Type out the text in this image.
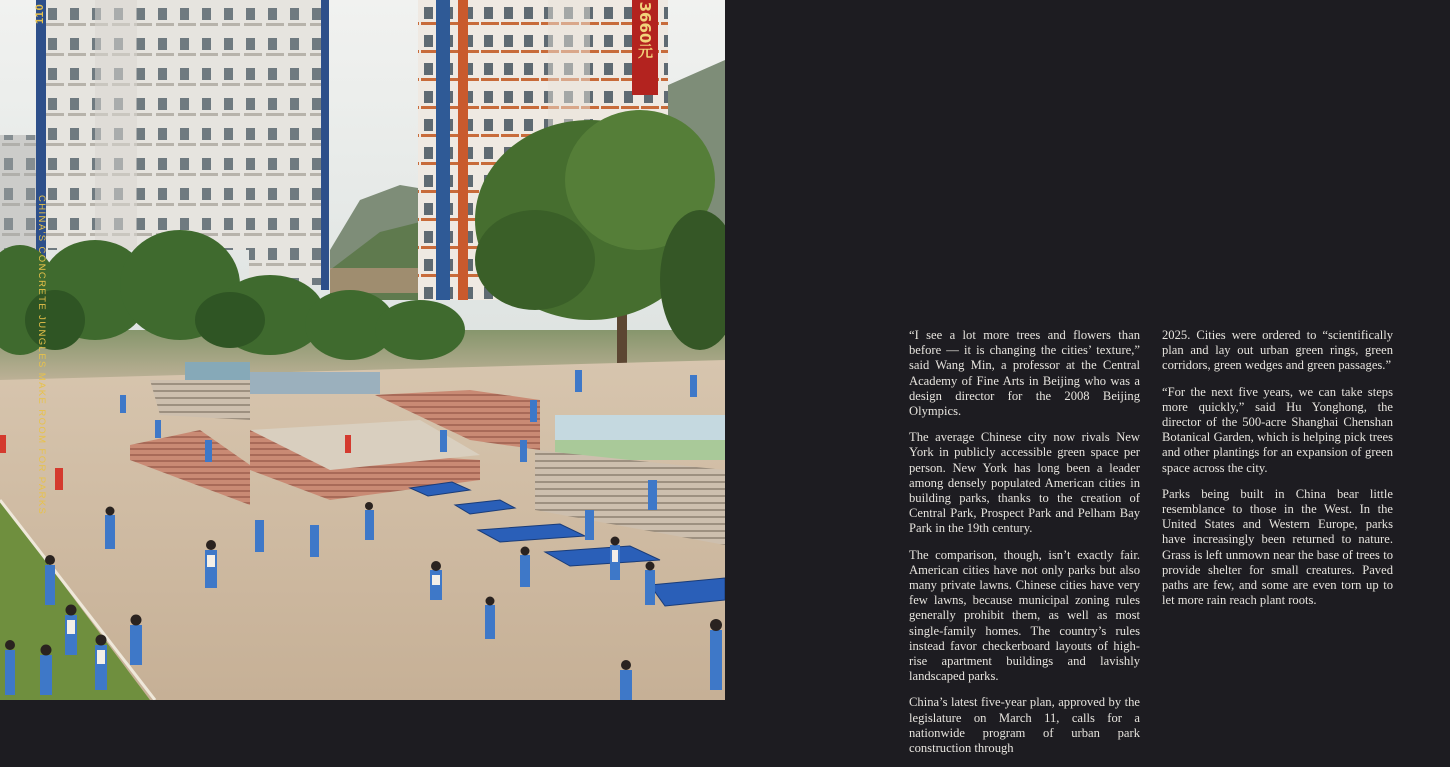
3660元
110
CHINA'S CONCRETE JUNGLES MAKE ROOM FOR PARKS	“I see a lot more trees and flowers than before — it is changing the cities’ texture,” said Wang Min, a professor at the Central Academy of Fine Arts in Beijing who was a design director for the 2008 Beijing Olympics.

The average Chinese city now rivals New York in publicly accessible green space per person. New York has long been a leader among densely populated American cities in building parks, thanks to the creation of Central Park, Prospect Park and Pelham Bay Park in the 19th century.

The comparison, though, isn’t exactly fair. American cities have not only parks but also many private lawns. Chinese cities have very few lawns, because municipal zoning rules generally prohibit them, as well as most single-family homes. The country’s rules instead favor checkerboard layouts of high-rise apartment buildings and lavishly landscaped parks.

China’s latest five-year plan, approved by the legislature on March 11, calls for a nationwide program of urban park construction through

2025. Cities were ordered to “scientifically plan and lay out urban green rings, green corridors, green wedges and green passages.”

“For the next five years, we can take steps more quickly,” said Hu Yonghong, the director of the 500-acre Shanghai Chenshan Botanical Garden, which is helping pick trees and other plantings for an expansion of green space across the city.

Parks being built in China bear little resemblance to those in the West. In the United States and Western Europe, parks have increasingly been returned to nature. Grass is left unmown near the base of trees to provide shelter for small creatures. Paved paths are few, and some are even torn up to let more rain reach plant roots.
